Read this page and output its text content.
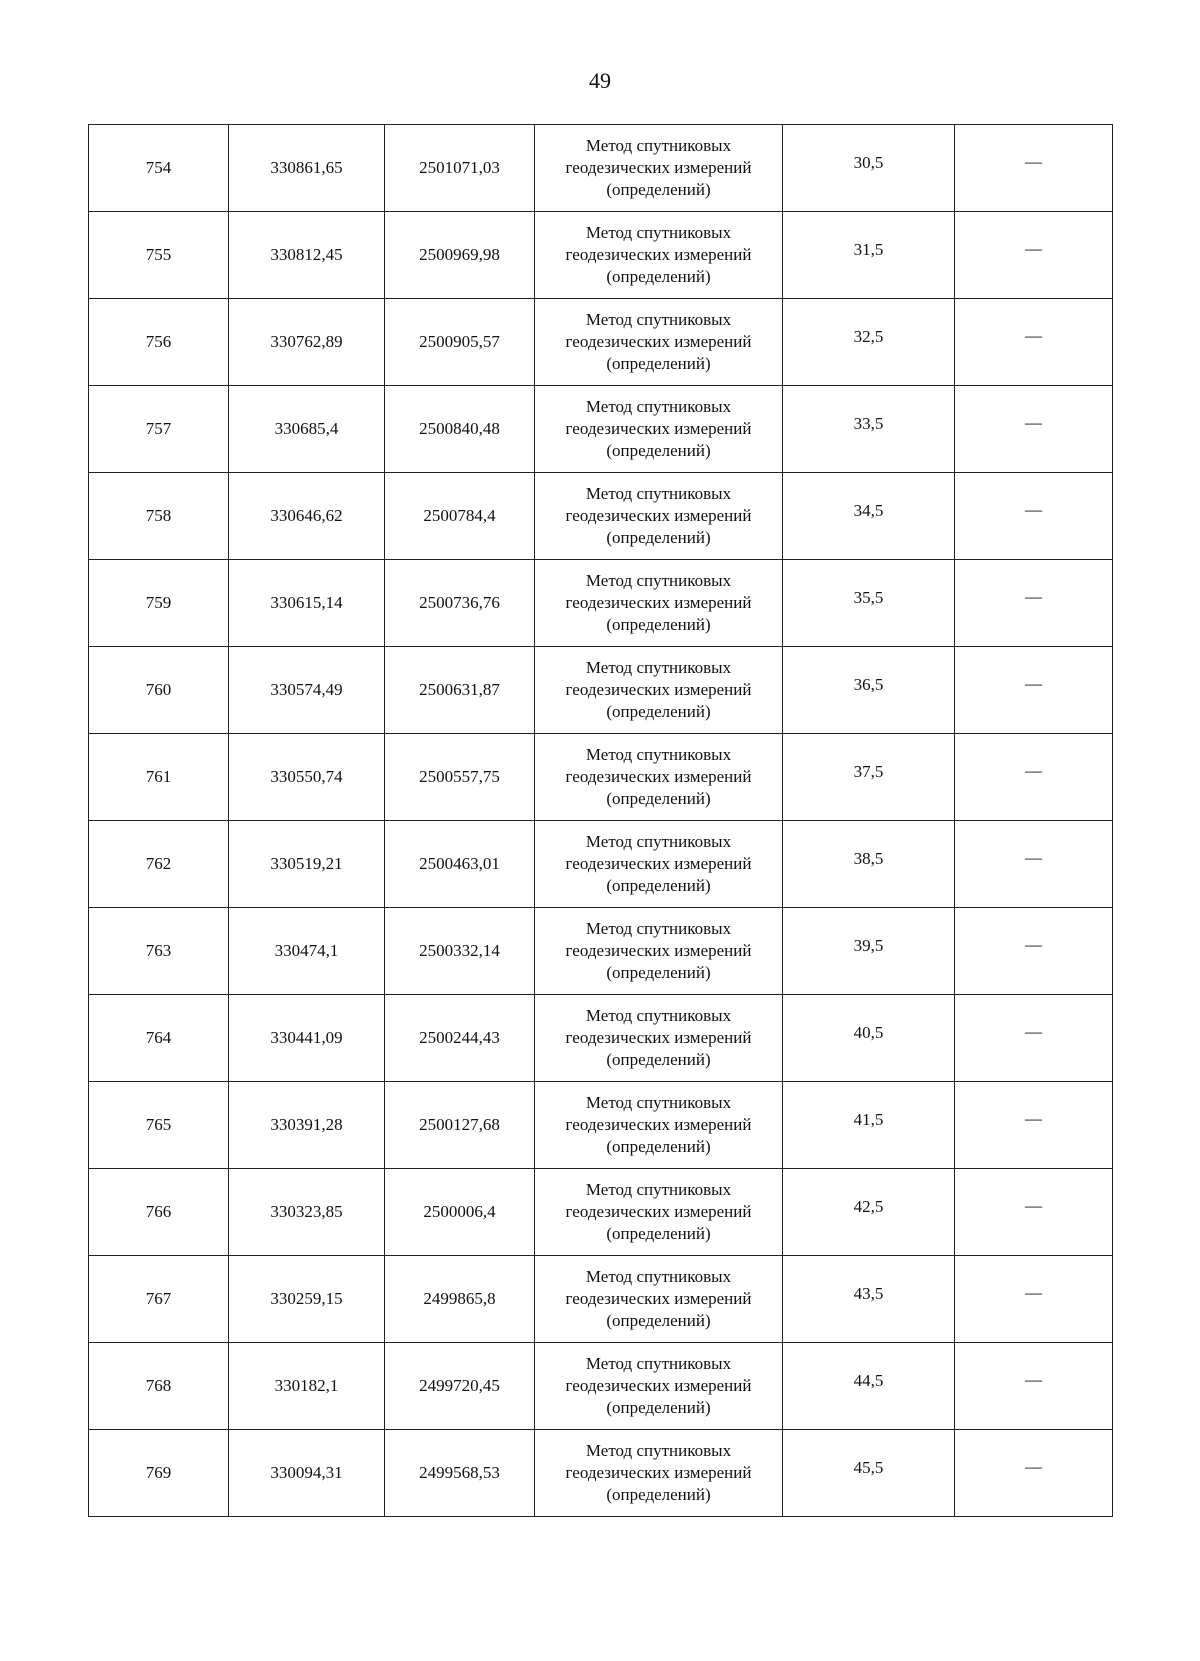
49
754	330861,65	2501071,03	Метод спутниковых геодезических измерений (определений)	30,5	—
755	330812,45	2500969,98	Метод спутниковых геодезических измерений (определений)	31,5	—
756	330762,89	2500905,57	Метод спутниковых геодезических измерений (определений)	32,5	—
757	330685,4	2500840,48	Метод спутниковых геодезических измерений (определений)	33,5	—
758	330646,62	2500784,4	Метод спутниковых геодезических измерений (определений)	34,5	—
759	330615,14	2500736,76	Метод спутниковых геодезических измерений (определений)	35,5	—
760	330574,49	2500631,87	Метод спутниковых геодезических измерений (определений)	36,5	—
761	330550,74	2500557,75	Метод спутниковых геодезических измерений (определений)	37,5	—
762	330519,21	2500463,01	Метод спутниковых геодезических измерений (определений)	38,5	—
763	330474,1	2500332,14	Метод спутниковых геодезических измерений (определений)	39,5	—
764	330441,09	2500244,43	Метод спутниковых геодезических измерений (определений)	40,5	—
765	330391,28	2500127,68	Метод спутниковых геодезических измерений (определений)	41,5	—
766	330323,85	2500006,4	Метод спутниковых геодезических измерений (определений)	42,5	—
767	330259,15	2499865,8	Метод спутниковых геодезических измерений (определений)	43,5	—
768	330182,1	2499720,45	Метод спутниковых геодезических измерений (определений)	44,5	—
769	330094,31	2499568,53	Метод спутниковых геодезических измерений (определений)	45,5	—
